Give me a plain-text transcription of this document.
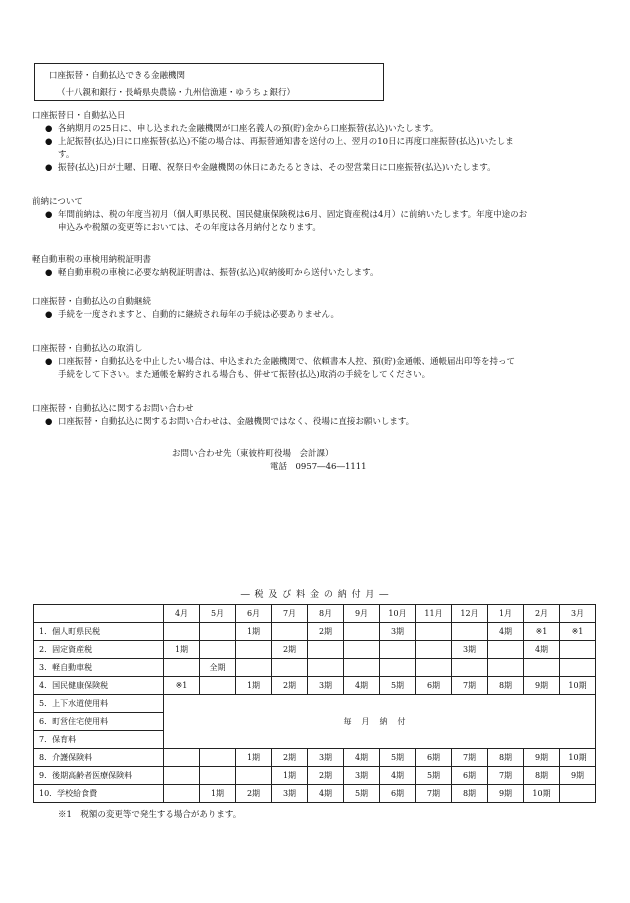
口座振替・自動払込できる金融機関
（十八親和銀行・長崎県央農協・九州信漁連・ゆうちょ銀行）
口座振替日・自動払込日
● 各納期月の25日に、申し込まれた金融機関が口座名義人の預(貯)金から口座振替(払込)いたします。
● 上記振替(払込)日に口座振替(払込)不能の場合は、再振替通知書を送付の上、翌月の10日に再度口座振替(払込)いたしま
す。
● 振替(払込)日が土曜、日曜、祝祭日や金融機関の休日にあたるときは、その翌営業日に口座振替(払込)いたします。
前納について
● 年間前納は、税の年度当初月（個人町県民税、国民健康保険税は6月、固定資産税は4月）に前納いたします。年度中途のお
申込みや税額の変更等においては、その年度は各月納付となります。
軽自動車税の車検用納税証明書
● 軽自動車税の車検に必要な納税証明書は、振替(払込)収納後町から送付いたします。
口座振替・自動払込の自動継続
● 手続を一度されますと、自動的に継続され毎年の手続は必要ありません。
口座振替・自動払込の取消し
● 口座振替・自動払込を中止したい場合は、申込まれた金融機関で、依頼書本人控、預(貯)金通帳、通帳届出印等を持って
手続をして下さい。また通帳を解約される場合も、併せて振替(払込)取消の手続をしてください。
口座振替・自動払込に関するお問い合わせ
● 口座振替・自動払込に関するお問い合わせは、金融機関ではなく、役場に直接お願いします。
お問い合わせ先（東彼杵町役場　会計課）
電話　0957―46―1111
― 税 及 び 料 金 の 納 付 月 ―
	4月	5月	6月	7月	8月	9月	10月	11月	12月	1月	2月	3月
1．個人町県民税			1期		2期		3期			4期	※1	※1
2．固定資産税	1期			2期					3期		4期	
3．軽自動車税		全期										
4．国民健康保険税	※1		1期	2期	3期	4期	5期	6期	7期	8期	9期	10期
5．上下水道使用料	毎月納付											
6．町営住宅使用料												
7．保育料												
8．介護保険料			1期	2期	3期	4期	5期	6期	7期	8期	9期	10期
9．後期高齢者医療保険料				1期	2期	3期	4期	5期	6期	7期	8期	9期
10．学校給食費		1期	2期	3期	4期	5期	6期	7期	8期	9期	10期	
※1　税額の変更等で発生する場合があります。
